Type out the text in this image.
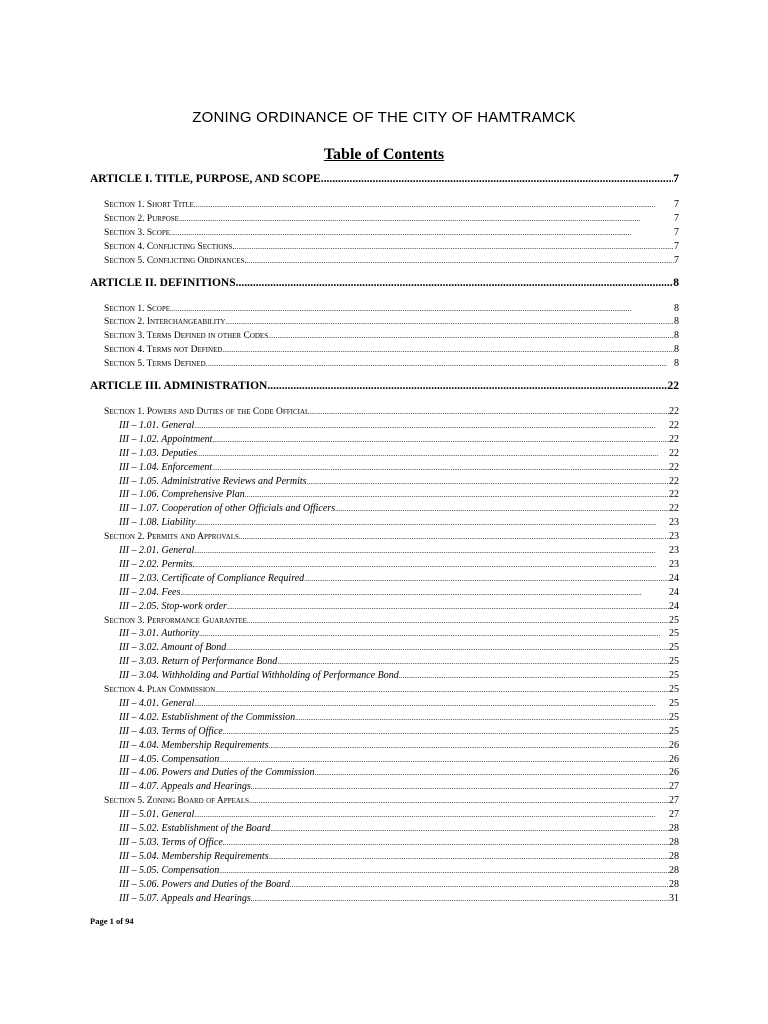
ZONING ORDINANCE OF THE CITY OF HAMTRAMCK
Table of Contents
ARTICLE I. TITLE, PURPOSE, AND SCOPE .....	7
Section 1. Short Title .....	7
Section 2. Purpose .....	7
Section 3. Scope .....	7
Section 4. Conflicting Sections. .....	7
Section 5. Conflicting Ordinances. .....	7
ARTICLE II. DEFINITIONS .....	8
Section 1. Scope .....	8
Section 2. Interchangeability .....	8
Section 3. Terms Defined in other Codes .....	8
Section 4. Terms not Defined .....	8
Section 5. Terms Defined .....	8
ARTICLE III. ADMINISTRATION .....	22
Section 1. Powers and Duties of the Code Official .....	22
III – 1.01. General .....	22
III – 1.02. Appointment .....	22
III – 1.03. Deputies .....	22
III – 1.04. Enforcement .....	22
III – 1.05. Administrative Reviews and Permits .....	22
III – 1.06. Comprehensive Plan .....	22
III – 1.07. Cooperation of other Officials and Officers .....	22
III – 1.08. Liability .....	23
Section 2. Permits and Approvals .....	23
III – 2.01. General .....	23
III – 2.02. Permits. .....	23
III – 2.03. Certificate of Compliance Required .....	24
III – 2.04. Fees .....	24
III – 2.05. Stop-work order .....	24
Section 3. Performance Guarantee .....	25
III – 3.01. Authority .....	25
III – 3.02. Amount of Bond .....	25
III – 3.03. Return of Performance Bond .....	25
III – 3.04. Withholding and Partial Withholding of Performance Bond .....	25
Section 4. Plan Commission .....	25
III – 4.01. General .....	25
III – 4.02. Establishment of the Commission .....	25
III – 4.03. Terms of Office .....	25
III – 4.04. Membership Requirements .....	26
III – 4.05. Compensation .....	26
III – 4.06. Powers and Duties of the Commission .....	26
III – 4.07. Appeals and Hearings .....	27
Section 5. Zoning Board of Appeals .....	27
III – 5.01. General .....	27
III – 5.02. Establishment of the Board .....	28
III – 5.03. Terms of Office .....	28
III – 5.04. Membership Requirements .....	28
III – 5.05. Compensation .....	28
III – 5.06. Powers and Duties of the Board .....	28
III – 5.07. Appeals and Hearings .....	31
Page 1 of 94
